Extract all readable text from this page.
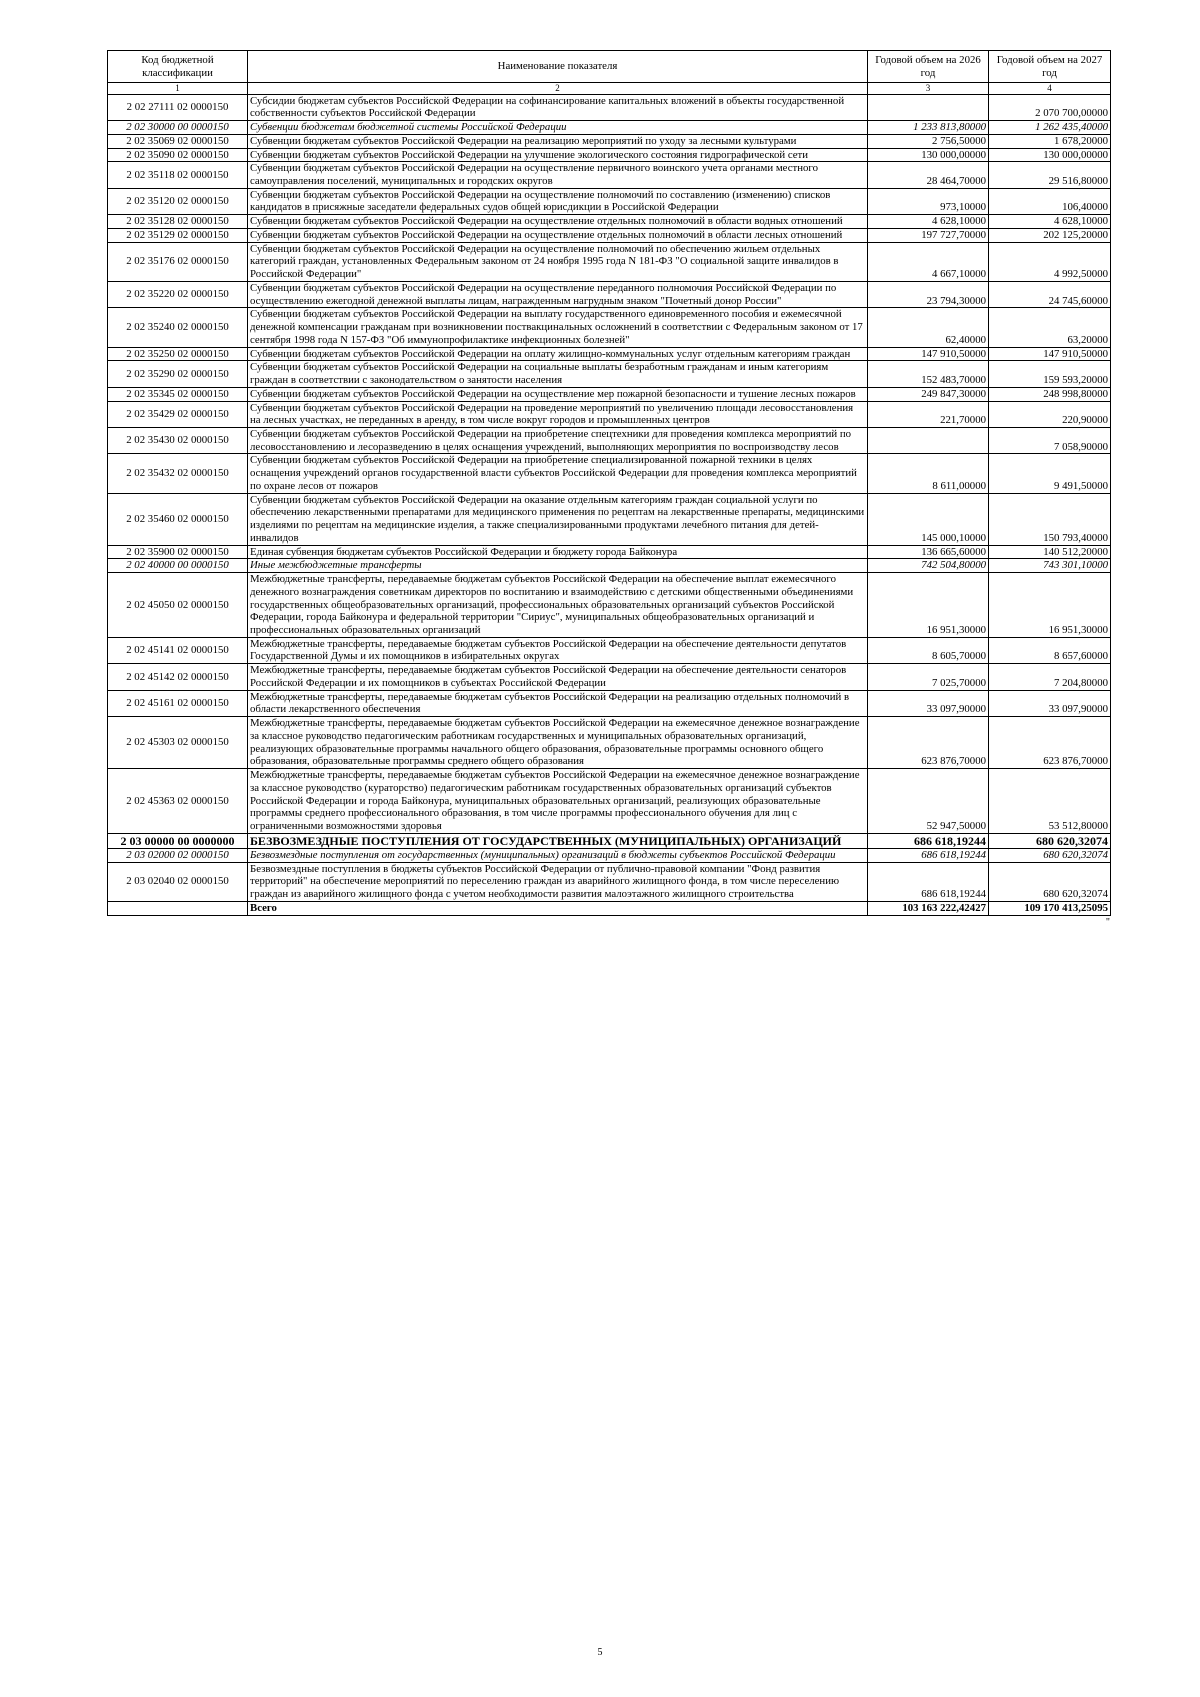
Код бюджетной классификации	Наименование показателя	Годовой объем на 2026 год	Годовой объем на 2027 год
1	2	3	4
2 02 27111 02 0000150	Субсидии бюджетам субъектов Российской Федерации на софинансирование капитальных вложений в объекты государственной собственности субъектов Российской Федерации		2 070 700,00000
2 02 30000 00 0000150	Субвенции бюджетам бюджетной системы Российской Федерации	1 233 813,80000	1 262 435,40000
2 02 35069 02 0000150	Субвенции бюджетам субъектов Российской Федерации на реализацию мероприятий по уходу за лесными культурами	2 756,50000	1 678,20000
2 02 35090 02 0000150	Субвенции бюджетам субъектов Российской Федерации на улучшение экологического состояния гидрографической сети	130 000,00000	130 000,00000
2 02 35118 02 0000150	Субвенции бюджетам субъектов Российской Федерации на осуществление первичного воинского учета органами местного самоуправления поселений, муниципальных и городских округов	28 464,70000	29 516,80000
2 02 35120 02 0000150	Субвенции бюджетам субъектов Российской Федерации на осуществление полномочий по составлению (изменению) списков кандидатов в присяжные заседатели федеральных судов общей юрисдикции в Российской Федерации	973,10000	106,40000
2 02 35128 02 0000150	Субвенции бюджетам субъектов Российской Федерации на осуществление отдельных полномочий в области водных отношений	4 628,10000	4 628,10000
2 02 35129 02 0000150	Субвенции бюджетам субъектов Российской Федерации на осуществление отдельных полномочий в области лесных отношений	197 727,70000	202 125,20000
2 02 35176 02 0000150	Субвенции бюджетам субъектов Российской Федерации на осуществление полномочий по обеспечению жильем отдельных категорий граждан, установленных Федеральным законом от 24 ноября 1995 года N 181-ФЗ "О социальной защите инвалидов в Российской Федерации"	4 667,10000	4 992,50000
2 02 35220 02 0000150	Субвенции бюджетам субъектов Российской Федерации на осуществление переданного полномочия Российской Федерации по осуществлению ежегодной денежной выплаты лицам, награжденным нагрудным знаком "Почетный донор России"	23 794,30000	24 745,60000
2 02 35240 02 0000150	Субвенции бюджетам субъектов Российской Федерации на выплату государственного единовременного пособия и ежемесячной денежной компенсации гражданам при возникновении поствакцинальных осложнений в соответствии с Федеральным законом от 17 сентября 1998 года N 157-ФЗ "Об иммунопрофилактике инфекционных болезней"	62,40000	63,20000
2 02 35250 02 0000150	Субвенции бюджетам субъектов Российской Федерации на оплату жилищно-коммунальных услуг отдельным категориям граждан	147 910,50000	147 910,50000
2 02 35290 02 0000150	Субвенции бюджетам субъектов Российской Федерации на социальные выплаты безработным гражданам и иным категориям граждан в соответствии с законодательством о занятости населения	152 483,70000	159 593,20000
2 02 35345 02 0000150	Субвенции бюджетам субъектов Российской Федерации на осуществление мер пожарной безопасности и тушение лесных пожаров	249 847,30000	248 998,80000
2 02 35429 02 0000150	Субвенции бюджетам субъектов Российской Федерации на проведение мероприятий по увеличению площади лесовосстановления на лесных участках, не переданных в аренду, в том числе вокруг городов и промышленных центров	221,70000	220,90000
2 02 35430 02 0000150	Субвенции бюджетам субъектов Российской Федерации на приобретение спецтехники для проведения комплекса мероприятий по лесовосстановлению и лесоразведению в целях оснащения учреждений, выполняющих мероприятия по воспроизводству лесов		7 058,90000
2 02 35432 02 0000150	Субвенции бюджетам субъектов Российской Федерации на приобретение специализированной пожарной техники в целях оснащения учреждений органов государственной власти субъектов Российской Федерации для проведения комплекса мероприятий по охране лесов от пожаров	8 611,00000	9 491,50000
2 02 35460 02 0000150	Субвенции бюджетам субъектов Российской Федерации на оказание отдельным категориям граждан социальной услуги по обеспечению лекарственными препаратами для медицинского применения по рецептам на лекарственные препараты, медицинскими изделиями по рецептам на медицинские изделия, а также специализированными продуктами лечебного питания для детей-инвалидов	145 000,10000	150 793,40000
2 02 35900 02 0000150	Единая субвенция бюджетам субъектов Российской Федерации и бюджету города Байконура	136 665,60000	140 512,20000
2 02 40000 00 0000150	Иные межбюджетные трансферты	742 504,80000	743 301,10000
2 02 45050 02 0000150	Межбюджетные трансферты, передаваемые бюджетам субъектов Российской Федерации на обеспечение выплат ежемесячного денежного вознаграждения советникам директоров по воспитанию и взаимодействию с детскими общественными объединениями государственных общеобразовательных организаций, профессиональных образовательных организаций субъектов Российской Федерации, города Байконура и федеральной территории "Сириус", муниципальных общеобразовательных организаций и профессиональных образовательных организаций	16 951,30000	16 951,30000
2 02 45141 02 0000150	Межбюджетные трансферты, передаваемые бюджетам субъектов Российской Федерации на обеспечение деятельности депутатов Государственной Думы и их помощников в избирательных округах	8 605,70000	8 657,60000
2 02 45142 02 0000150	Межбюджетные трансферты, передаваемые бюджетам субъектов Российской Федерации на обеспечение деятельности сенаторов Российской Федерации и их помощников в субъектах Российской Федерации	7 025,70000	7 204,80000
2 02 45161 02 0000150	Межбюджетные трансферты, передаваемые бюджетам субъектов Российской Федерации на реализацию отдельных полномочий в области лекарственного обеспечения	33 097,90000	33 097,90000
2 02 45303 02 0000150	Межбюджетные трансферты, передаваемые бюджетам субъектов Российской Федерации на ежемесячное денежное вознаграждение за классное руководство педагогическим работникам государственных и муниципальных образовательных организаций, реализующих образовательные программы начального общего образования, образовательные программы основного общего образования, образовательные программы среднего общего образования	623 876,70000	623 876,70000
2 02 45363 02 0000150	Межбюджетные трансферты, передаваемые бюджетам субъектов Российской Федерации на ежемесячное денежное вознаграждение за классное руководство (кураторство) педагогическим работникам государственных образовательных организаций субъектов Российской Федерации и города Байконура, муниципальных образовательных организаций, реализующих образовательные программы среднего профессионального образования, в том числе программы профессионального обучения для лиц с ограниченными возможностями здоровья	52 947,50000	53 512,80000
2 03 00000 00 0000000	БЕЗВОЗМЕЗДНЫЕ ПОСТУПЛЕНИЯ ОТ ГОСУДАРСТВЕННЫХ (МУНИЦИПАЛЬНЫХ) ОРГАНИЗАЦИЙ	686 618,19244	680 620,32074
2 03 02000 02 0000150	Безвозмездные поступления от государственных (муниципальных) организаций в бюджеты субъектов Российской Федерации	686 618,19244	680 620,32074
2 03 02040 02 0000150	Безвозмездные поступления в бюджеты субъектов Российской Федерации от публично-правовой компании "Фонд развития территорий" на обеспечение мероприятий по переселению граждан из аварийного жилищного фонда, в том числе переселению граждан из аварийного жилищного фонда с учетом необходимости развития малоэтажного жилищного строительства	686 618,19244	680 620,32074
	Всего	103 163 222,42427	109 170 413,25095
"
5
